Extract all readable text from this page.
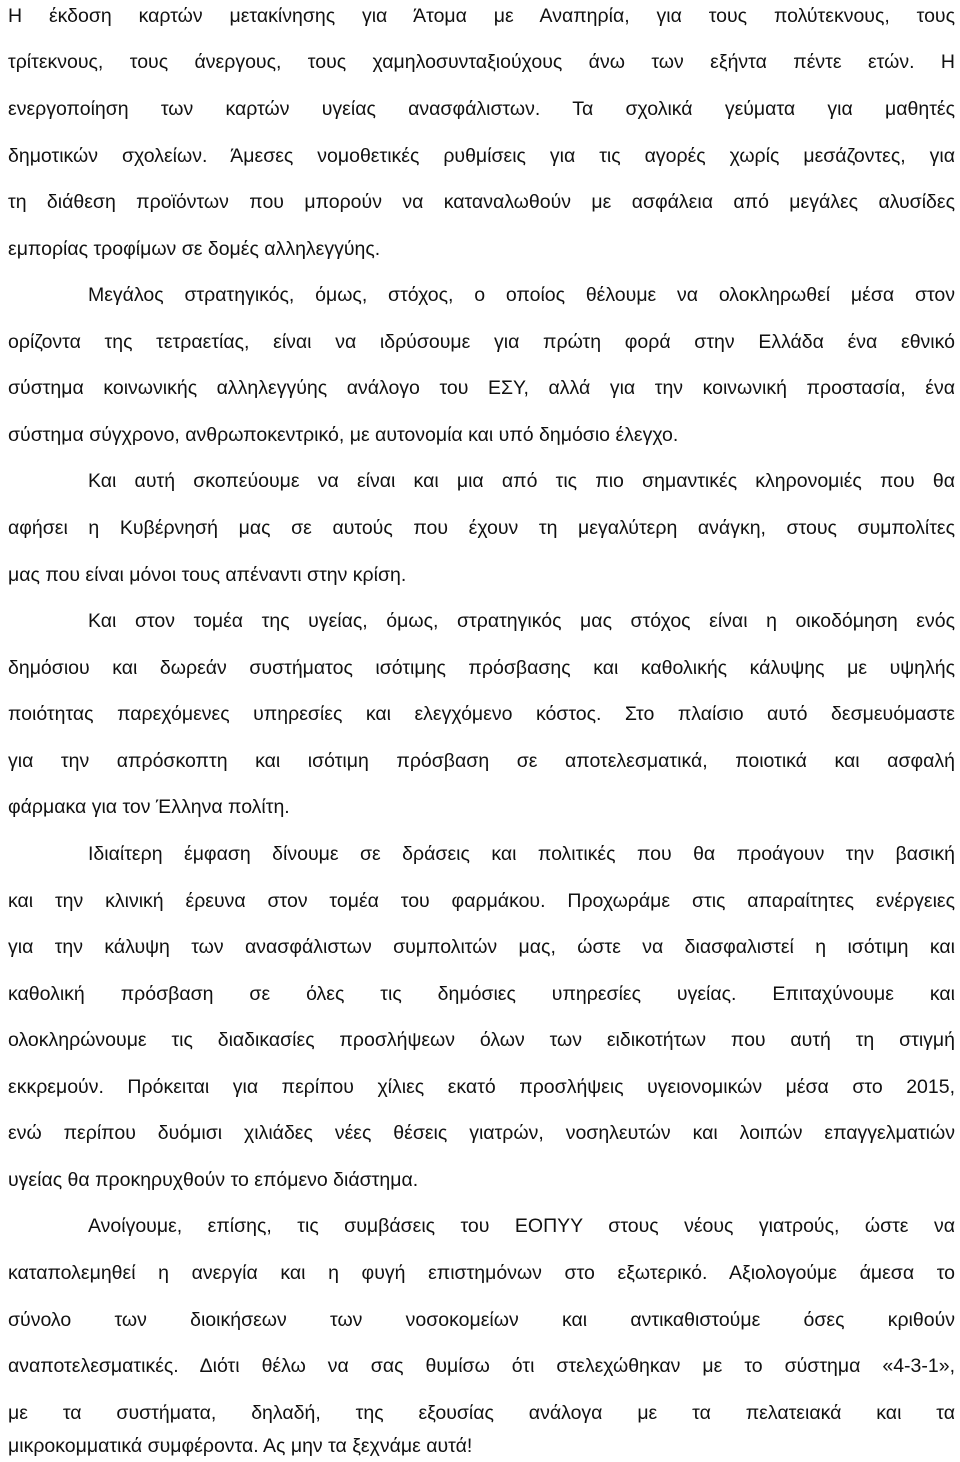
Η έκδοση καρτών μετακίνησης για Άτομα με Αναπηρία, για τους πολύτεκνους, τους
τρίτεκνους, τους άνεργους, τους χαμηλοσυνταξιούχους άνω των εξήντα πέντε ετών. Η
ενεργοποίηση των καρτών υγείας ανασφάλιστων. Τα σχολικά γεύματα για μαθητές
δημοτικών σχολείων. Άμεσες νομοθετικές ρυθμίσεις για τις αγορές χωρίς μεσάζοντες, για
τη διάθεση προϊόντων που μπορούν να καταναλωθούν με ασφάλεια από μεγάλες αλυσίδες
εμπορίας τροφίμων σε δομές αλληλεγγύης.
Μεγάλος στρατηγικός, όμως, στόχος, ο οποίος θέλουμε να ολοκληρωθεί μέσα στον
ορίζοντα της τετραετίας, είναι να ιδρύσουμε για πρώτη φορά στην Ελλάδα ένα εθνικό
σύστημα κοινωνικής αλληλεγγύης ανάλογο του ΕΣΥ, αλλά για την κοινωνική προστασία, ένα
σύστημα σύγχρονο, ανθρωποκεντρικό, με αυτονομία και υπό δημόσιο έλεγχο.
Και αυτή σκοπεύουμε να είναι και μια από τις πιο σημαντικές κληρονομιές που θα
αφήσει η Κυβέρνησή μας σε αυτούς που έχουν τη μεγαλύτερη ανάγκη, στους συμπολίτες
μας που είναι μόνοι τους απέναντι στην κρίση.
Και στον τομέα της υγείας, όμως, στρατηγικός μας στόχος είναι η οικοδόμηση ενός
δημόσιου και δωρεάν συστήματος ισότιμης πρόσβασης και καθολικής κάλυψης με υψηλής
ποιότητας παρεχόμενες υπηρεσίες και ελεγχόμενο κόστος. Στο πλαίσιο αυτό δεσμευόμαστε
για την απρόσκοπτη και ισότιμη πρόσβαση σε αποτελεσματικά, ποιοτικά και ασφαλή
φάρμακα για τον Έλληνα πολίτη.
Ιδιαίτερη έμφαση δίνουμε σε δράσεις και πολιτικές που θα προάγουν την βασική
και την κλινική έρευνα στον τομέα του φαρμάκου. Προχωράμε στις απαραίτητες ενέργειες
για την κάλυψη των ανασφάλιστων συμπολιτών μας, ώστε να διασφαλιστεί η ισότιμη και
καθολική πρόσβαση σε όλες τις δημόσιες υπηρεσίες υγείας. Επιταχύνουμε και
ολοκληρώνουμε τις διαδικασίες προσλήψεων όλων των ειδικοτήτων που αυτή τη στιγμή
εκκρεμούν. Πρόκειται για περίπου χίλιες εκατό προσλήψεις υγειονομικών μέσα στο 2015,
ενώ περίπου δυόμισι χιλιάδες νέες θέσεις γιατρών, νοσηλευτών και λοιπών επαγγελματιών
υγείας θα προκηρυχθούν το επόμενο διάστημα.
Ανοίγουμε, επίσης, τις συμβάσεις του ΕΟΠΥΥ στους νέους γιατρούς, ώστε να
καταπολεμηθεί η ανεργία και η φυγή επιστημόνων στο εξωτερικό. Αξιολογούμε άμεσα το
σύνολο των διοικήσεων των νοσοκομείων και αντικαθιστούμε όσες κριθούν
αναποτελεσματικές. Διότι θέλω να σας θυμίσω ότι στελεχώθηκαν με το σύστημα «4-3-1»,
με τα συστήματα, δηλαδή, της εξουσίας ανάλογα με τα πελατειακά και τα
μικροκομματικά συμφέροντα. Ας μην τα ξεχνάμε αυτά!
